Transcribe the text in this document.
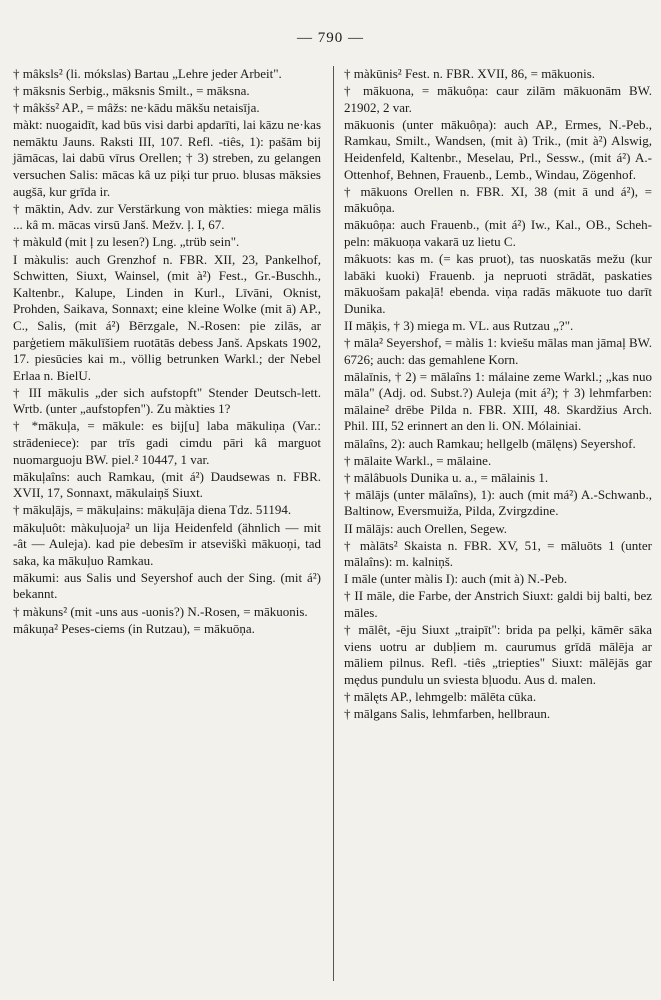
— 790 —

† mâksls² (li. mókslas) Bartau „Lehre jeder Arbeit".

† māksnis Serbig., māksnis Smilt., = māksna.

† mâkšs² AP., = mâžs: ne·kādu mākšu netaisīja.

màkt: nuogaidīt, kad būs visi darbi apdarīti, lai kāzu ne·kas nemāktu Jauns. Raksti III, 107. Refl. -tiês, 1): pašām bij jāmācas, lai dabū vīrus Orellen; † 3) streben, zu gelangen versuchen Salis: mācas kâ uz piķi tur pruo. blusas māksies augšā, kur grīda ir.

† māktin, Adv. zur Verstärkung von màkties: miega mālis ... kâ m. mācas virsū Janš. Mežv. ļ. I, 67.

† màkulđ (mit ļ zu lesen?) Lng. „trüb sein".

I màkulis: auch Grenzhof n. FBR. XII, 23, Pankelhof, Schwitten, Siuxt, Wainsel, (mit à²) Fest., Gr.-Buschh., Kaltenbr., Kalupe, Linden in Kurl., Līvāni, Oknist, Prohden, Saikava, Sonnaxt; eine kleine Wolke (mit ā) AP., C., Salis, (mit á²) Bērzgale, N.-Rosen: pie zilās, ar parģetiem mākulīšiem ruotātās debess Janš. Apskats 1902, 17. piesūcies kai m., völlig betrunken Warkl.; der Nebel Erlaa n. BielU.

† III mākulis „der sich aufstopft" Stender Deutsch-lett. Wrtb. (unter „aufstopfen"). Zu màkties 1?

† *mākuļa, = mākule: es bij[u] laba mākuliņa (Var.: strādeniece): par trīs gadi cimdu pāri kâ marguot nuomarguoju BW. piel.² 10447, 1 var.

mākuļaîns: auch Ramkau, (mit á²) Daudsewas n. FBR. XVII, 17, Sonnaxt, mākulaiņš Siuxt.

† mākuļājs, = mākuļains: mākuļāja diena Tdz. 51194.

mākuļuôt: màkuļuoja² un lija Heidenfeld (ähnlich — mit -ât — Auleja). kad pie debesīm ir atseviškì mākuoņi, tad saka, ka mākuļuo Ramkau.

mākumi: aus Salis und Seyershof auch der Sing. (mit á²) bekannt.

† màkuns² (mit -uns aus -uonis?) N.-Rosen, = mākuonis.

mâkuņa² Peses-ciems (in Rutzau), = mākuōņa.

† màkūnis² Fest. n. FBR. XVII, 86, = mākuonis.

† mākuona, = mākuôņa: caur zilām mākuonām BW. 21902, 2 var.

mākuonis (unter mākuôņa): auch AP., Ermes, N.-Peb., Ramkau, Smilt., Wandsen, (mit à) Trik., (mit à²) Alswig, Heidenfeld, Kaltenbr., Meselau, Prl., Sessw., (mit á²) A.-Ottenhof, Behnen, Frauenb., Lemb., Windau, Zögenhof.

† mākuons Orellen n. FBR. XI, 38 (mit ā und á²), = mākuôņa.

mākuôņa: auch Frauenb., (mit á²) Iw., Kal., OB., Schehpeln: mākuoņa vakarā uz lietu C.

mâkuots: kas m. (= kas pruot), tas nuoskatās mežu (kur labāki kuoki) Frauenb. ja nepruoti strādāt, paskaties mākuošam pakaļā! ebenda. viņa radās mākuote tuo darīt Dunika.

II māķis, † 3) miega m. VL. aus Rutzau „?".

† māla² Seyershof, = màlis 1: kviešu mālas man jāmaļ BW. 6726; auch: das gemahlene Korn.

mālaīnis, † 2) = mālaîns 1: málaine zeme Warkl.; „kas nuo māla" (Adj. od. Subst.?) Auleja (mit á²); † 3) lehmfarben: mālaine² drēbe Pilda n. FBR. XIII, 48. Skardžius Arch. Phil. III, 52 erinnert an den li. ON. Mólainiai.

mālaîns, 2): auch Ramkau; hellgelb (mālęns) Seyershof.

† mālaite Warkl., = mālaine.

† mālâbuols Dunika u. a., = mālainis 1.

† mālājs (unter mālaîns), 1): auch (mit má²) A.-Schwanb., Baltinow, Eversmuiža, Pilda, Zvirgzdine.

II mālājs: auch Orellen, Segew.

† màlāts² Skaista n. FBR. XV, 51, = māluōts 1 (unter mālaîns): m. kalniņš.

I māle (unter màlis I): auch (mit à) N.-Peb.

† II māle, die Farbe, der Anstrich Siuxt: galdi bij balti, bez māles.

† mālêt, -ēju Siuxt „traipīt": brida pa pelķi, kāmēr sāka viens uotru ar dubļiem m. caurumus grīdā mālēja ar māliem pilnus. Refl. -tiês „triepties" Siuxt: mālējās gar mędus pundulu un sviesta bļuodu. Aus d. malen.

† mālęts AP., lehmgelb: mālēta cūka.

† mālgans Salis, lehmfarben, hellbraun.
